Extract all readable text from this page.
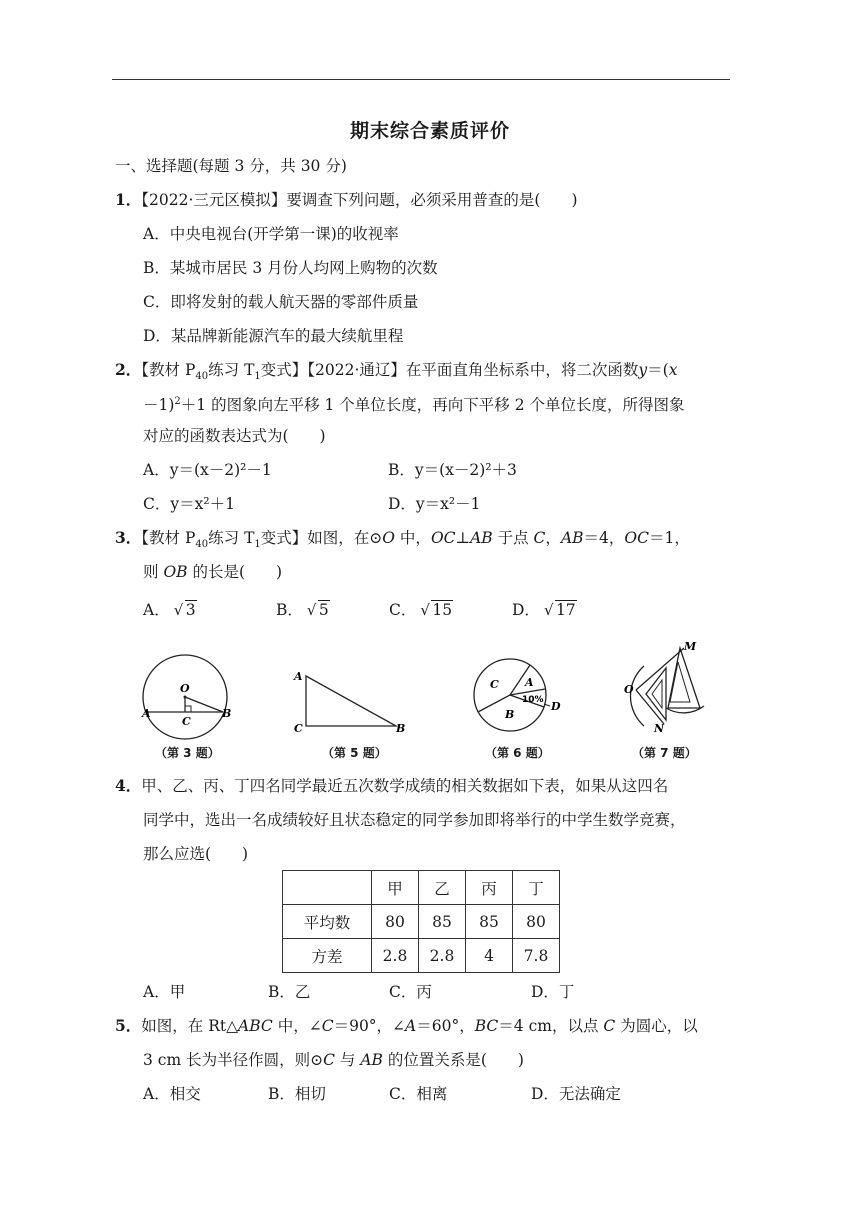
期末综合素质评价
一、选择题(每题 3 分，共 30 分)
1．【2022·三元区模拟】要调查下列问题，必须采用普查的是(　　)
A．中央电视台(开学第一课)的收视率
B．某城市居民 3 月份人均网上购物的次数
C．即将发射的载人航天器的零部件质量
D．某品牌新能源汽车的最大续航里程
2．【教材 $P_{40}$练习 $T_1$变式】【2022·通辽】在平面直角坐标系中，将二次函数y＝(x
－1)$^2$＋1 的图象向左平移 1 个单位长度，再向下平移 2 个单位长度，所得图象
对应的函数表达式为(　　)
A．y＝(x－2)²－1	B．y＝(x－2)²＋3
C．y＝x²＋1	D．y＝x²－1
3．【教材 $P_{40}$练习 $T_1$变式】如图，在⊙O 中，OC⊥AB 于点 C，AB＝4，OC＝1，
则 OB 的长是(　　)
A． √ 3	B． √ 5	C． √ 15	D． √ 17
O
A
C
B
（第 3 题）
A
C	B
（第 5 题）
C A
10%
B
D
（第 6 题）
M
O
N
（第 7 题）
4．甲、乙、丙、丁四名同学最近五次数学成绩的相关数据如下表，如果从这四名
同学中，选出一名成绩较好且状态稳定的同学参加即将举行的中学生数学竞赛，
那么应选(　　)
	甲	乙	丙	丁
平均数	80	85	85	80
方差	2.8	2.8	4	7.8
A．甲	B．乙	C．丙	D．丁
5．如图，在 Rt△ABC 中，∠C＝90°，∠A＝60°，BC＝4 cm，以点 C 为圆心，以
3 cm 长为半径作圆，则⊙C 与 AB 的位置关系是(　　)
A．相交	B．相切	C．相离	D．无法确定
